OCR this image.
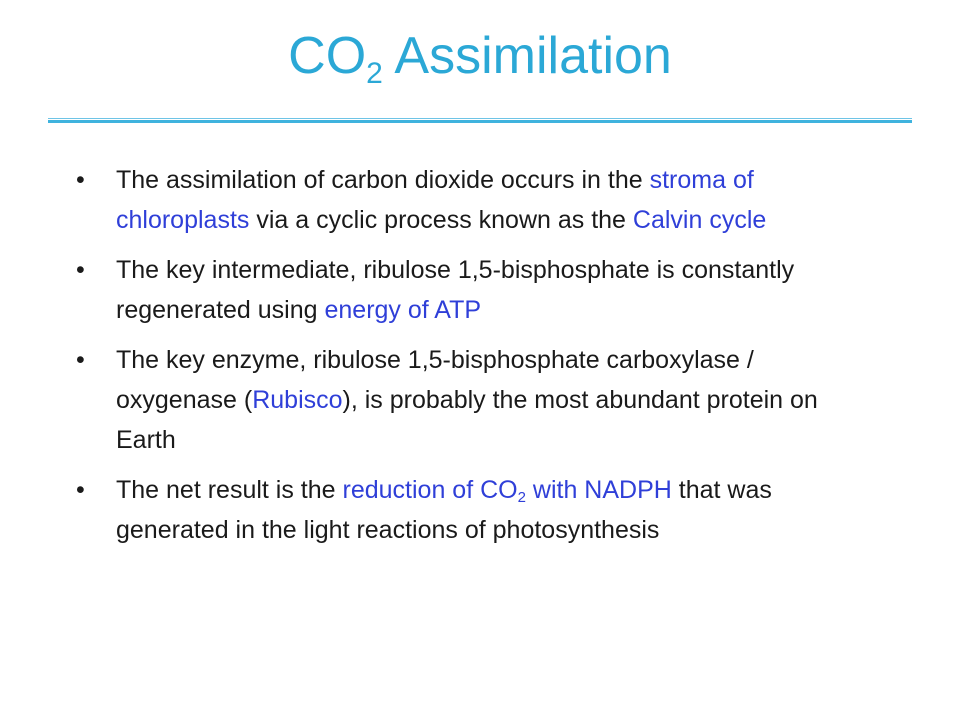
$CO_2$ Assimilation
• The assimilation of carbon dioxide occurs in the stroma of chloroplasts via a cyclic process known as the Calvin cycle
• The key intermediate, ribulose 1,5-bisphosphate is constantly regenerated using energy of ATP
• The key enzyme, ribulose 1,5-bisphosphate carboxylase / oxygenase (Rubisco), is probably the most abundant protein on Earth
• The net result is the reduction of $CO_2$ with NADPH that was generated in the light reactions of photosynthesis
